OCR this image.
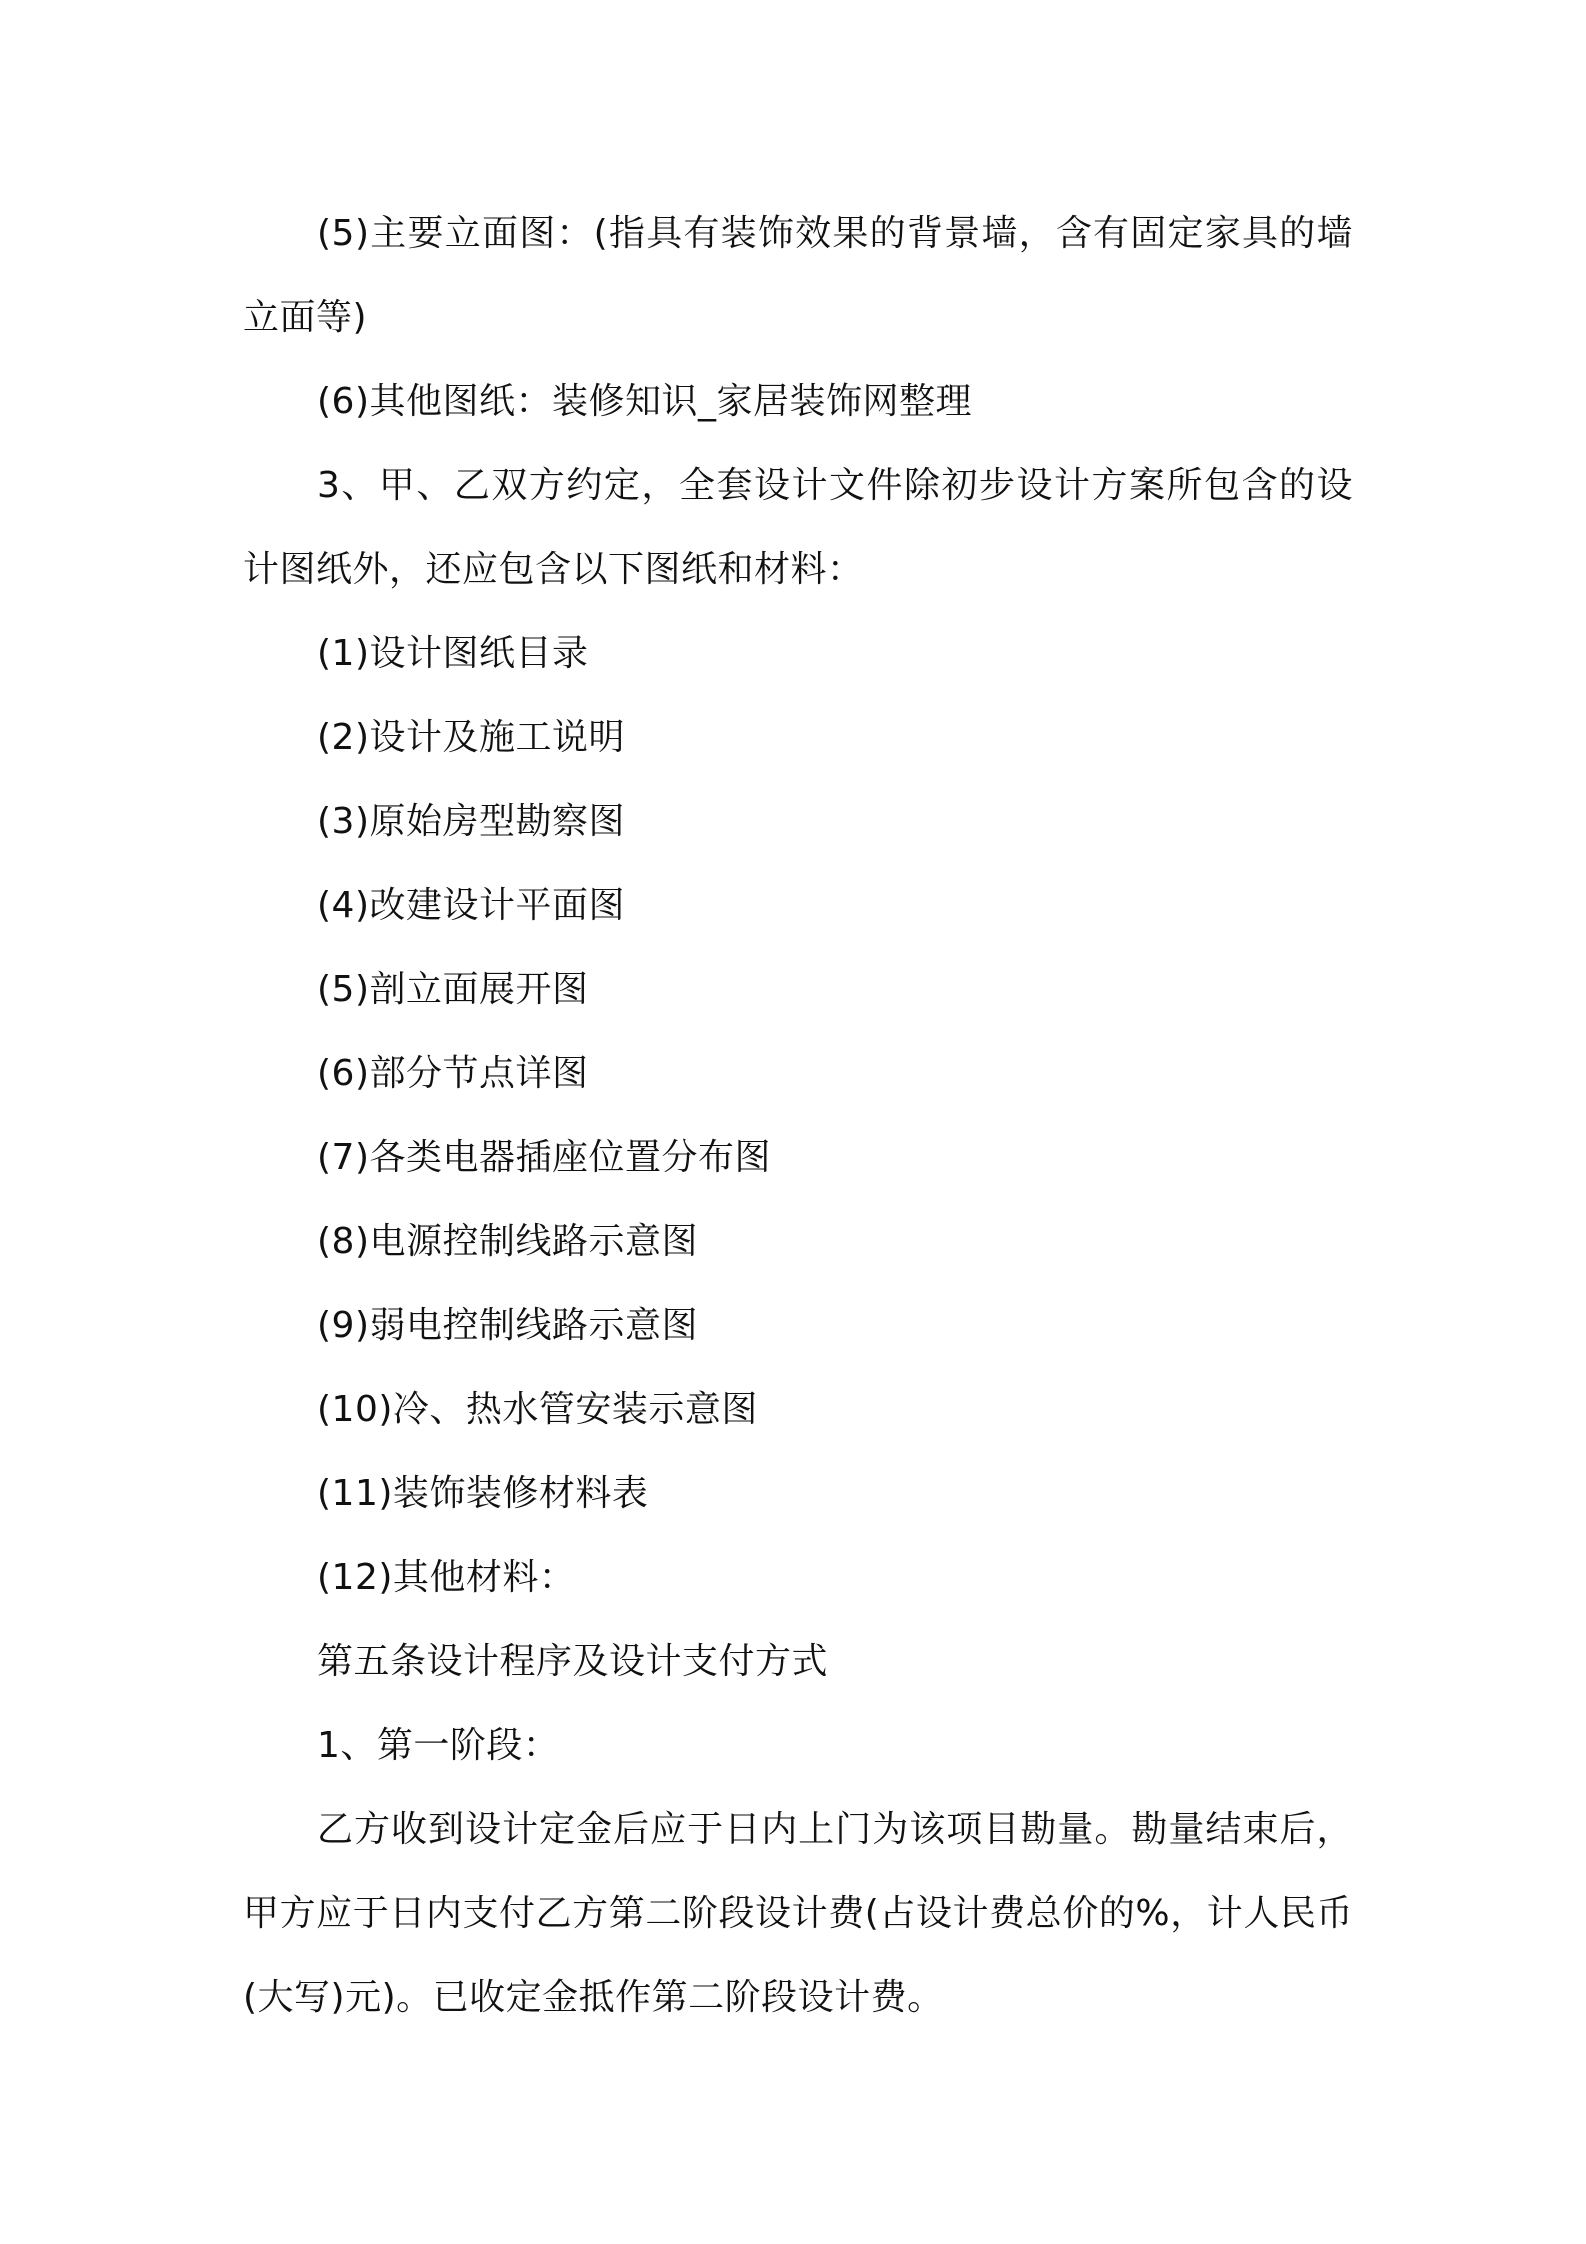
(5)主要立面图：(指具有装饰效果的背景墙，含有固定家具的墙立面等)

(6)其他图纸：装修知识_家居装饰网整理

3、甲、乙双方约定，全套设计文件除初步设计方案所包含的设计图纸外，还应包含以下图纸和材料：

(1)设计图纸目录

(2)设计及施工说明

(3)原始房型勘察图

(4)改建设计平面图

(5)剖立面展开图

(6)部分节点详图

(7)各类电器插座位置分布图

(8)电源控制线路示意图

(9)弱电控制线路示意图

(10)冷、热水管安装示意图

(11)装饰装修材料表

(12)其他材料：

第五条设计程序及设计支付方式

1、第一阶段：

乙方收到设计定金后应于日内上门为该项目勘量。勘量结束后，甲方应于日内支付乙方第二阶段设计费(占设计费总价的%，计人民币(大写)元)。已收定金抵作第二阶段设计费。
